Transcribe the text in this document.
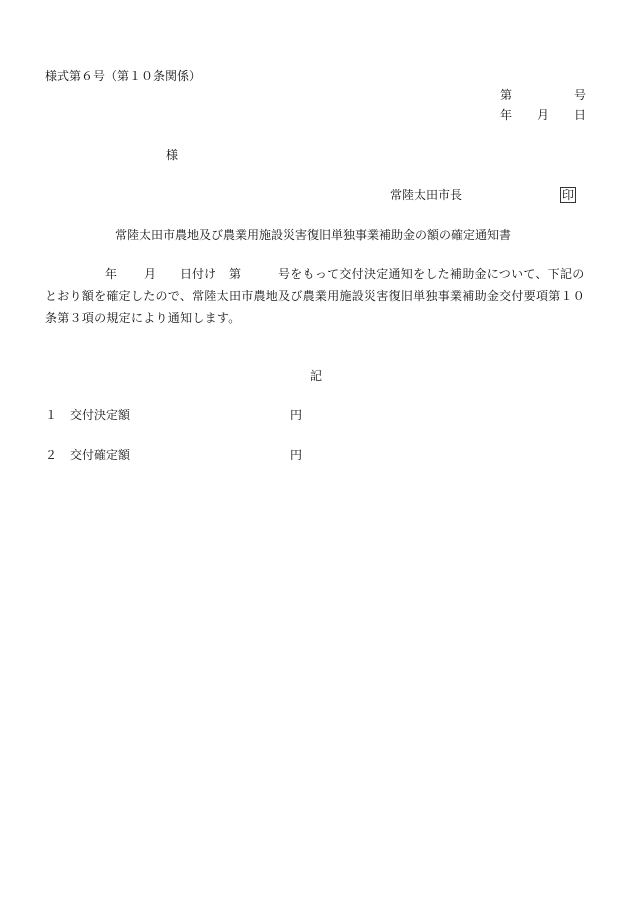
様式第６号（第１０条関係）
第	号
年 月 日
様
常陸太田市長	印
常陸太田市農地及び農業用施設災害復旧単独事業補助金の額の確定通知書
年 月 日付け 第	号をもって交付決定通知をした補助金について、下記の
とおり額を確定したので、常陸太田市農地及び農業用施設災害復旧単独事業補助金交付要項第１０
条第３項の規定により通知します。
記
１ 交付決定額	円
２ 交付確定額	円
